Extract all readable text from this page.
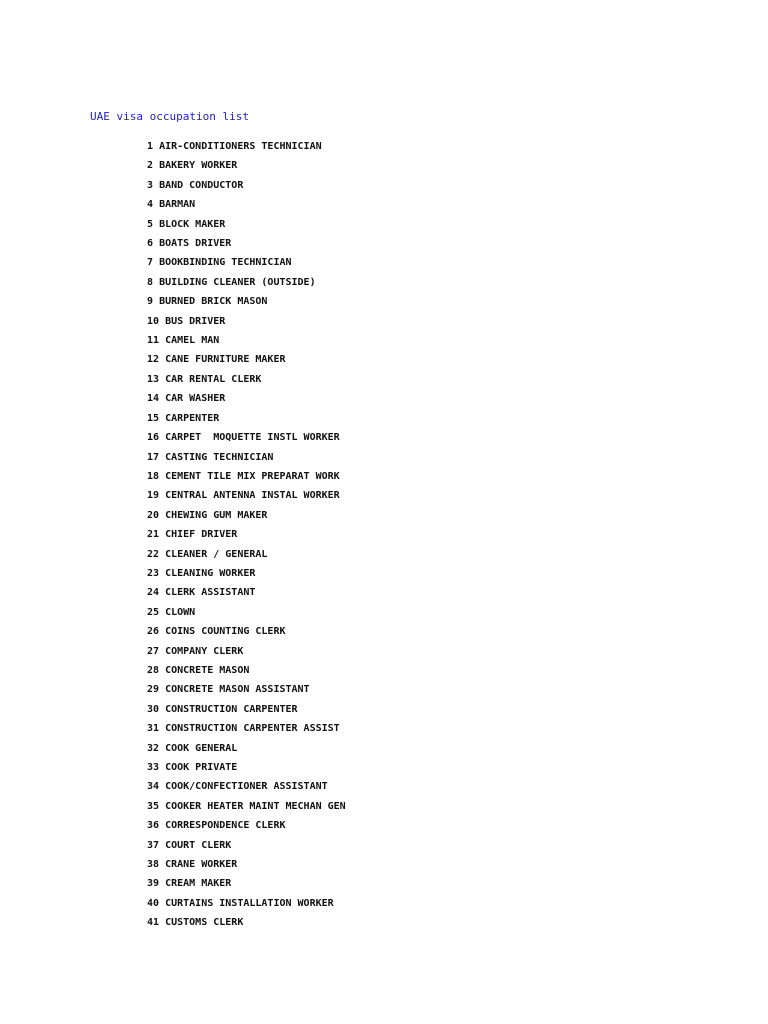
UAE visa occupation list
1 AIR-CONDITIONERS TECHNICIAN
2 BAKERY WORKER
3 BAND CONDUCTOR
4 BARMAN
5 BLOCK MAKER
6 BOATS DRIVER
7 BOOKBINDING TECHNICIAN
8 BUILDING CLEANER (OUTSIDE)
9 BURNED BRICK MASON
10 BUS DRIVER
11 CAMEL MAN
12 CANE FURNITURE MAKER
13 CAR RENTAL CLERK
14 CAR WASHER
15 CARPENTER
16 CARPET  MOQUETTE INSTL WORKER
17 CASTING TECHNICIAN
18 CEMENT TILE MIX PREPARAT WORK
19 CENTRAL ANTENNA INSTAL WORKER
20 CHEWING GUM MAKER
21 CHIEF DRIVER
22 CLEANER / GENERAL
23 CLEANING WORKER
24 CLERK ASSISTANT
25 CLOWN
26 COINS COUNTING CLERK
27 COMPANY CLERK
28 CONCRETE MASON
29 CONCRETE MASON ASSISTANT
30 CONSTRUCTION CARPENTER
31 CONSTRUCTION CARPENTER ASSIST
32 COOK GENERAL
33 COOK PRIVATE
34 COOK/CONFECTIONER ASSISTANT
35 COOKER HEATER MAINT MECHAN GEN
36 CORRESPONDENCE CLERK
37 COURT CLERK
38 CRANE WORKER
39 CREAM MAKER
40 CURTAINS INSTALLATION WORKER
41 CUSTOMS CLERK
